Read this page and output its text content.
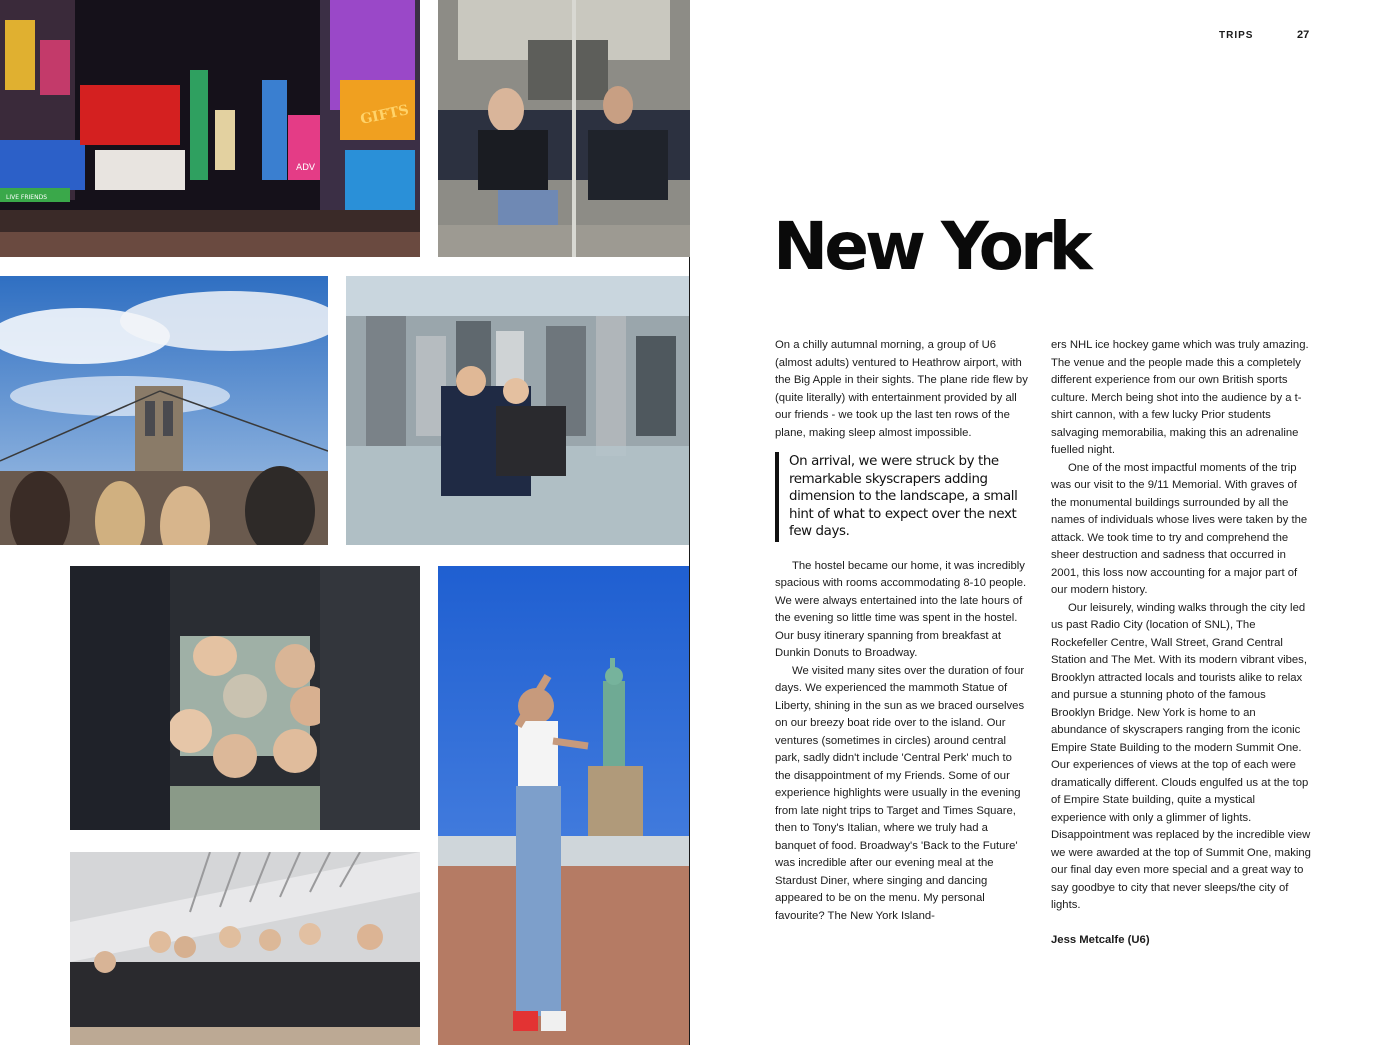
ADV
GIFTS
LIVE FRIENDS
TRIPS	27
New York

On a chilly autumnal morning, a group of U6 (almost adults) ventured to Heathrow airport, with the Big Apple in their sights. The plane ride flew by (quite literally) with entertainment provided by all our friends - we took up the last ten rows of the plane, making sleep almost impossible.

On arrival, we were struck by the remarkable skyscrapers adding dimension to the landscape, a small hint of what to expect over the next few days.

The hostel became our home, it was incredibly spacious with rooms accommodating 8-10 people. We were always entertained into the late hours of the evening so little time was spent in the hostel. Our busy itinerary spanning from breakfast at Dunkin Donuts to Broadway.

We visited many sites over the duration of four days. We experienced the mammoth Statue of Liberty, shining in the sun as we braced ourselves on our breezy boat ride over to the island. Our ventures (sometimes in circles) around central park, sadly didn't include 'Central Perk' much to the disappointment of my Friends. Some of our experience highlights were usually in the evening from late night trips to Target and Times Square, then to Tony's Italian, where we truly had a banquet of food. Broadway's 'Back to the Future' was incredible after our evening meal at the Stardust Diner, where singing and dancing appeared to be on the menu. My personal favourite? The New York Island-

ers NHL ice hockey game which was truly amazing. The venue and the people made this a completely different experience from our own British sports culture. Merch being shot into the audience by a t-shirt cannon, with a few lucky Prior students salvaging memorabilia, making this an adrenaline fuelled night.

One of the most impactful moments of the trip was our visit to the 9/11 Memorial. With graves of the monumental buildings surrounded by all the names of individuals whose lives were taken by the attack. We took time to try and comprehend the sheer destruction and sadness that occurred in 2001, this loss now accounting for a major part of our modern history.

Our leisurely, winding walks through the city led us past Radio City (location of SNL), The Rockefeller Centre, Wall Street, Grand Central Station and The Met. With its modern vibrant vibes, Brooklyn attracted locals and tourists alike to relax and pursue a stunning photo of the famous Brooklyn Bridge. New York is home to an abundance of skyscrapers ranging from the iconic Empire State Building to the modern Summit One. Our experiences of views at the top of each were dramatically different. Clouds engulfed us at the top of Empire State building, quite a mystical experience with only a glimmer of lights. Disappointment was replaced by the incredible view we were awarded at the top of Summit One, making our final day even more special and a great way to say goodbye to city that never sleeps/the city of lights.

Jess Metcalfe (U6)
